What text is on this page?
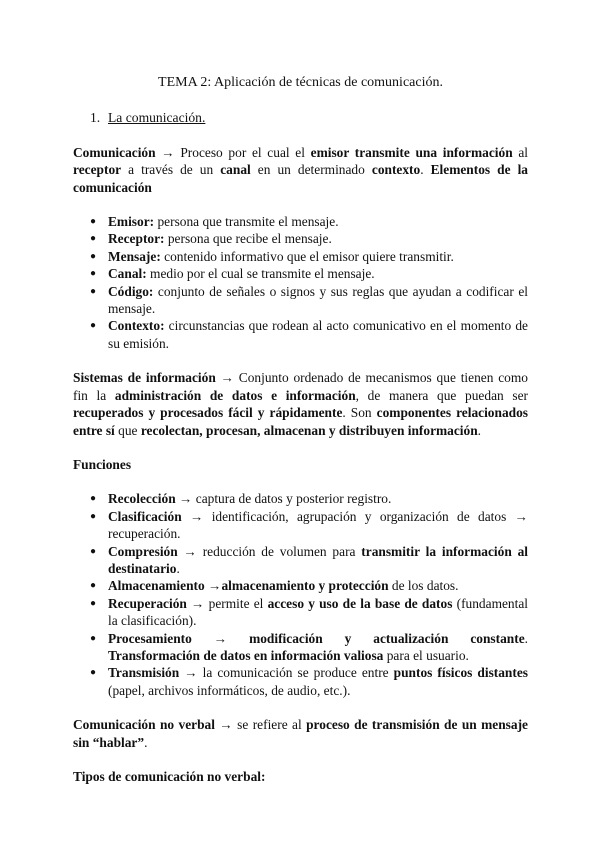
TEMA 2: Aplicación de técnicas de comunicación.
1. La comunicación.

Comunicación → Proceso por el cual el emisor transmite una información al receptor a través de un canal en un determinado contexto. Elementos de la comunicación

● Emisor: persona que transmite el mensaje.
● Receptor: persona que recibe el mensaje.
● Mensaje: contenido informativo que el emisor quiere transmitir.
● Canal: medio por el cual se transmite el mensaje.
● Código: conjunto de señales o signos y sus reglas que ayudan a codificar el mensaje.
● Contexto: circunstancias que rodean al acto comunicativo en el momento de su emisión.

Sistemas de información → Conjunto ordenado de mecanismos que tienen como fin la administración de datos e información, de manera que puedan ser recuperados y procesados fácil y rápidamente. Son componentes relacionados entre sí que recolectan, procesan, almacenan y distribuyen información.

Funciones

● Recolección → captura de datos y posterior registro.
● Clasificación → identificación, agrupación y organización de datos → recuperación.
● Compresión → reducción de volumen para transmitir la información al destinatario.
● Almacenamiento →almacenamiento y protección de los datos.
● Recuperación → permite el acceso y uso de la base de datos (fundamental la clasificación).
● Procesamiento → modificación y actualización constante. Transformación de datos en información valiosa para el usuario.
● Transmisión → la comunicación se produce entre puntos físicos distantes (papel, archivos informáticos, de audio, etc.).

Comunicación no verbal → se refiere al proceso de transmisión de un mensaje sin “hablar”.

Tipos de comunicación no verbal:
